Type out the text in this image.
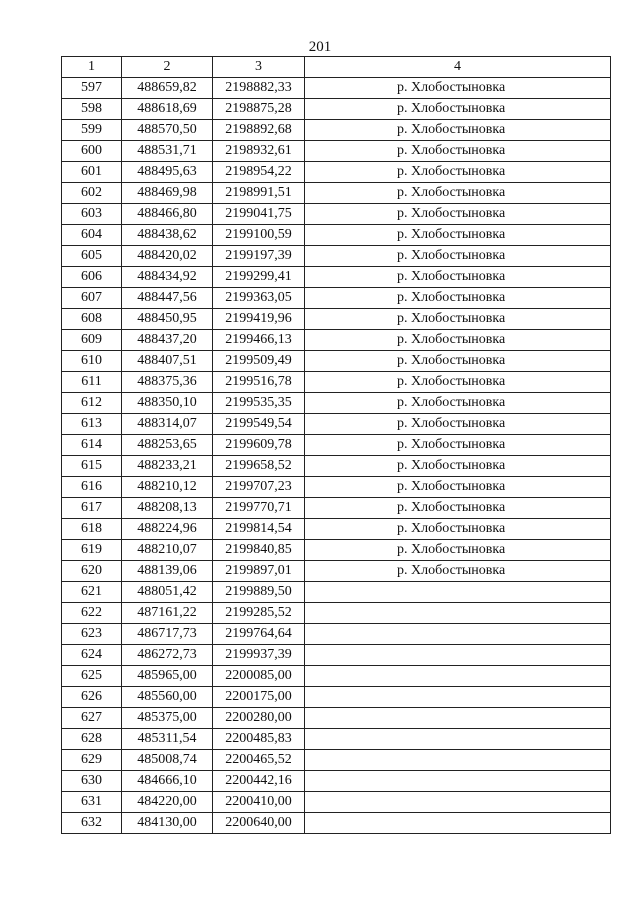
201
1	2	3	4
597	488659,82	2198882,33	р. Хлобостыновка
598	488618,69	2198875,28	р. Хлобостыновка
599	488570,50	2198892,68	р. Хлобостыновка
600	488531,71	2198932,61	р. Хлобостыновка
601	488495,63	2198954,22	р. Хлобостыновка
602	488469,98	2198991,51	р. Хлобостыновка
603	488466,80	2199041,75	р. Хлобостыновка
604	488438,62	2199100,59	р. Хлобостыновка
605	488420,02	2199197,39	р. Хлобостыновка
606	488434,92	2199299,41	р. Хлобостыновка
607	488447,56	2199363,05	р. Хлобостыновка
608	488450,95	2199419,96	р. Хлобостыновка
609	488437,20	2199466,13	р. Хлобостыновка
610	488407,51	2199509,49	р. Хлобостыновка
611	488375,36	2199516,78	р. Хлобостыновка
612	488350,10	2199535,35	р. Хлобостыновка
613	488314,07	2199549,54	р. Хлобостыновка
614	488253,65	2199609,78	р. Хлобостыновка
615	488233,21	2199658,52	р. Хлобостыновка
616	488210,12	2199707,23	р. Хлобостыновка
617	488208,13	2199770,71	р. Хлобостыновка
618	488224,96	2199814,54	р. Хлобостыновка
619	488210,07	2199840,85	р. Хлобостыновка
620	488139,06	2199897,01	р. Хлобостыновка
621	488051,42	2199889,50	
622	487161,22	2199285,52	
623	486717,73	2199764,64	
624	486272,73	2199937,39	
625	485965,00	2200085,00	
626	485560,00	2200175,00	
627	485375,00	2200280,00	
628	485311,54	2200485,83	
629	485008,74	2200465,52	
630	484666,10	2200442,16	
631	484220,00	2200410,00	
632	484130,00	2200640,00	
